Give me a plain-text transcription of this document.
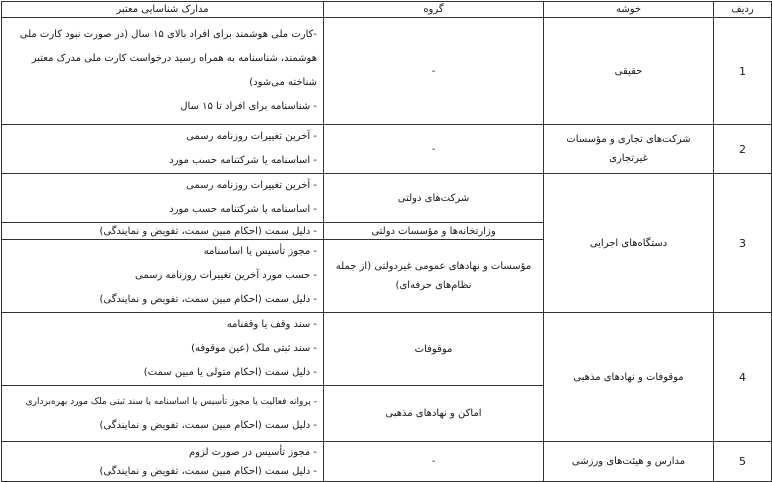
ردیف	خوشه	گروه	مدارک شناسایی معتبر
1	حقیقی	-	-کارت ملی هوشمند برای افراد بالای ۱۵ سال (در صورت نبود کارت ملی هوشمند، شناسنامه به همراه رسید درخواست کارت ملی مدرک معتبر شناخته می‌شود)
- شناسنامه برای افراد تا ۱۵ سال

2	شرکت‌های تجاری و مؤسسات غیرتجاری	-	- آخرین تغییرات روزنامه رسمی
- اساسنامه یا شرکتنامه حسب مورد

3	دستگاه‌های اجرایی	شرکت‌های دولتی	- آخرین تغییرات روزنامه رسمی
- اساسنامه یا شرکتنامه حسب مورد

		وزارتخانه‌ها و مؤسسات دولتی	- دلیل سمت (احکام مبین سمت، تفویض و نمایندگی)

		مؤسسات و نهادهای عمومی غیردولتی (از جمله نظام‌های حرفه‌ای)	- مجوز تأسیس یا اساسنامه
- حسب مورد آخرین تغییرات روزنامه رسمی
- دلیل سمت (احکام مبین سمت، تفویض و نمایندگی)

4	موقوفات و نهادهای مذهبی	موقوفات	- سند وقف یا وقفنامه
- سند ثبتی ملک (عین موقوفه)
- دلیل سمت (احکام متولی یا مبین سمت)

		اماکن و نهادهای مذهبی	- پروانه فعالیت یا مجوز تأسیس یا اساسنامه یا سند ثبتی ملک مورد بهره‌برداری
- دلیل سمت (احکام مبین سمت، تفویض و نمایندگی)

5	مدارس و هیئت‌های ورزشی	-	- مجوز تأسیس در صورت لزوم
- دلیل سمت (احکام مبین سمت، تفویض و نمایندگی)
